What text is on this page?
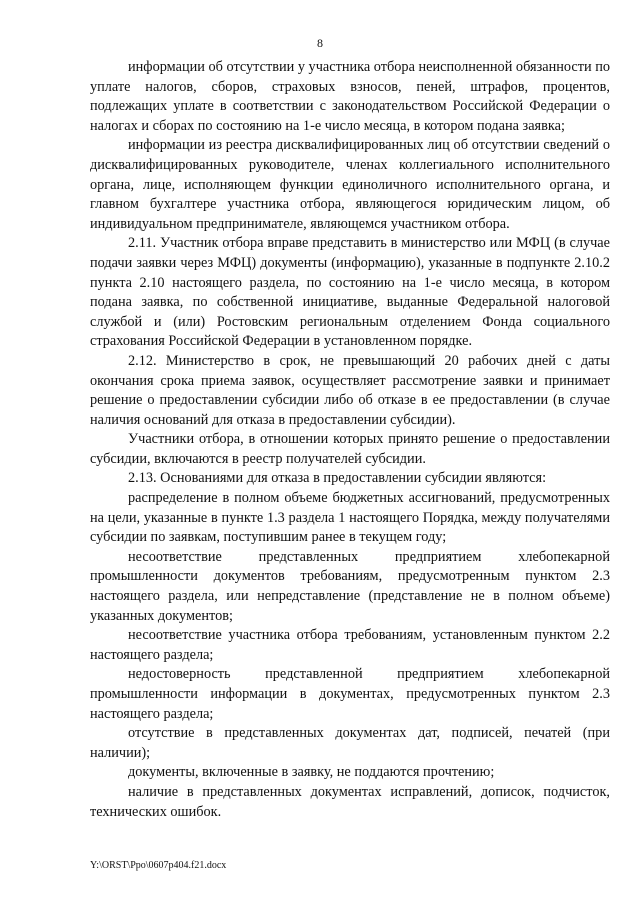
8

информации об отсутствии у участника отбора неисполненной обязанности по уплате налогов, сборов, страховых взносов, пеней, штрафов, процентов, подлежащих уплате в соответствии с законодательством Российской Федерации о налогах и сборах по состоянию на 1-е число месяца, в котором подана заявка;

информации из реестра дисквалифицированных лиц об отсутствии сведений о дисквалифицированных руководителе, членах коллегиального исполнительного органа, лице, исполняющем функции единоличного исполнительного органа, и главном бухгалтере участника отбора, являющегося юридическим лицом, об индивидуальном предпринимателе, являющемся участником отбора.

2.11. Участник отбора вправе представить в министерство или МФЦ (в случае подачи заявки через МФЦ) документы (информацию), указанные в подпункте 2.10.2 пункта 2.10 настоящего раздела, по состоянию на 1-е число месяца, в котором подана заявка, по собственной инициативе, выданные Федеральной налоговой службой и (или) Ростовским региональным отделением Фонда социального страхования Российской Федерации в установленном порядке.

2.12. Министерство в срок, не превышающий 20 рабочих дней с даты окончания срока приема заявок, осуществляет рассмотрение заявки и принимает решение о предоставлении субсидии либо об отказе в ее предоставлении (в случае наличия оснований для отказа в предоставлении субсидии).

Участники отбора, в отношении которых принято решение о предоставлении субсидии, включаются в реестр получателей субсидии.

2.13. Основаниями для отказа в предоставлении субсидии являются:

распределение в полном объеме бюджетных ассигнований, предусмотренных на цели, указанные в пункте 1.3 раздела 1 настоящего Порядка, между получателями субсидии по заявкам, поступившим ранее в текущем году;

несоответствие представленных предприятием хлебопекарной промышленности документов требованиям, предусмотренным пунктом 2.3 настоящего раздела, или непредставление (представление не в полном объеме) указанных документов;

несоответствие участника отбора требованиям, установленным пунктом 2.2 настоящего раздела;

недостоверность представленной предприятием хлебопекарной промышленности информации в документах, предусмотренных пунктом 2.3 настоящего раздела;

отсутствие в представленных документах дат, подписей, печатей (при наличии);

документы, включенные в заявку, не поддаются прочтению;

наличие в представленных документах исправлений, дописок, подчисток, технических ошибок.

Y:\ORST\Ppo\0607p404.f21.docx
